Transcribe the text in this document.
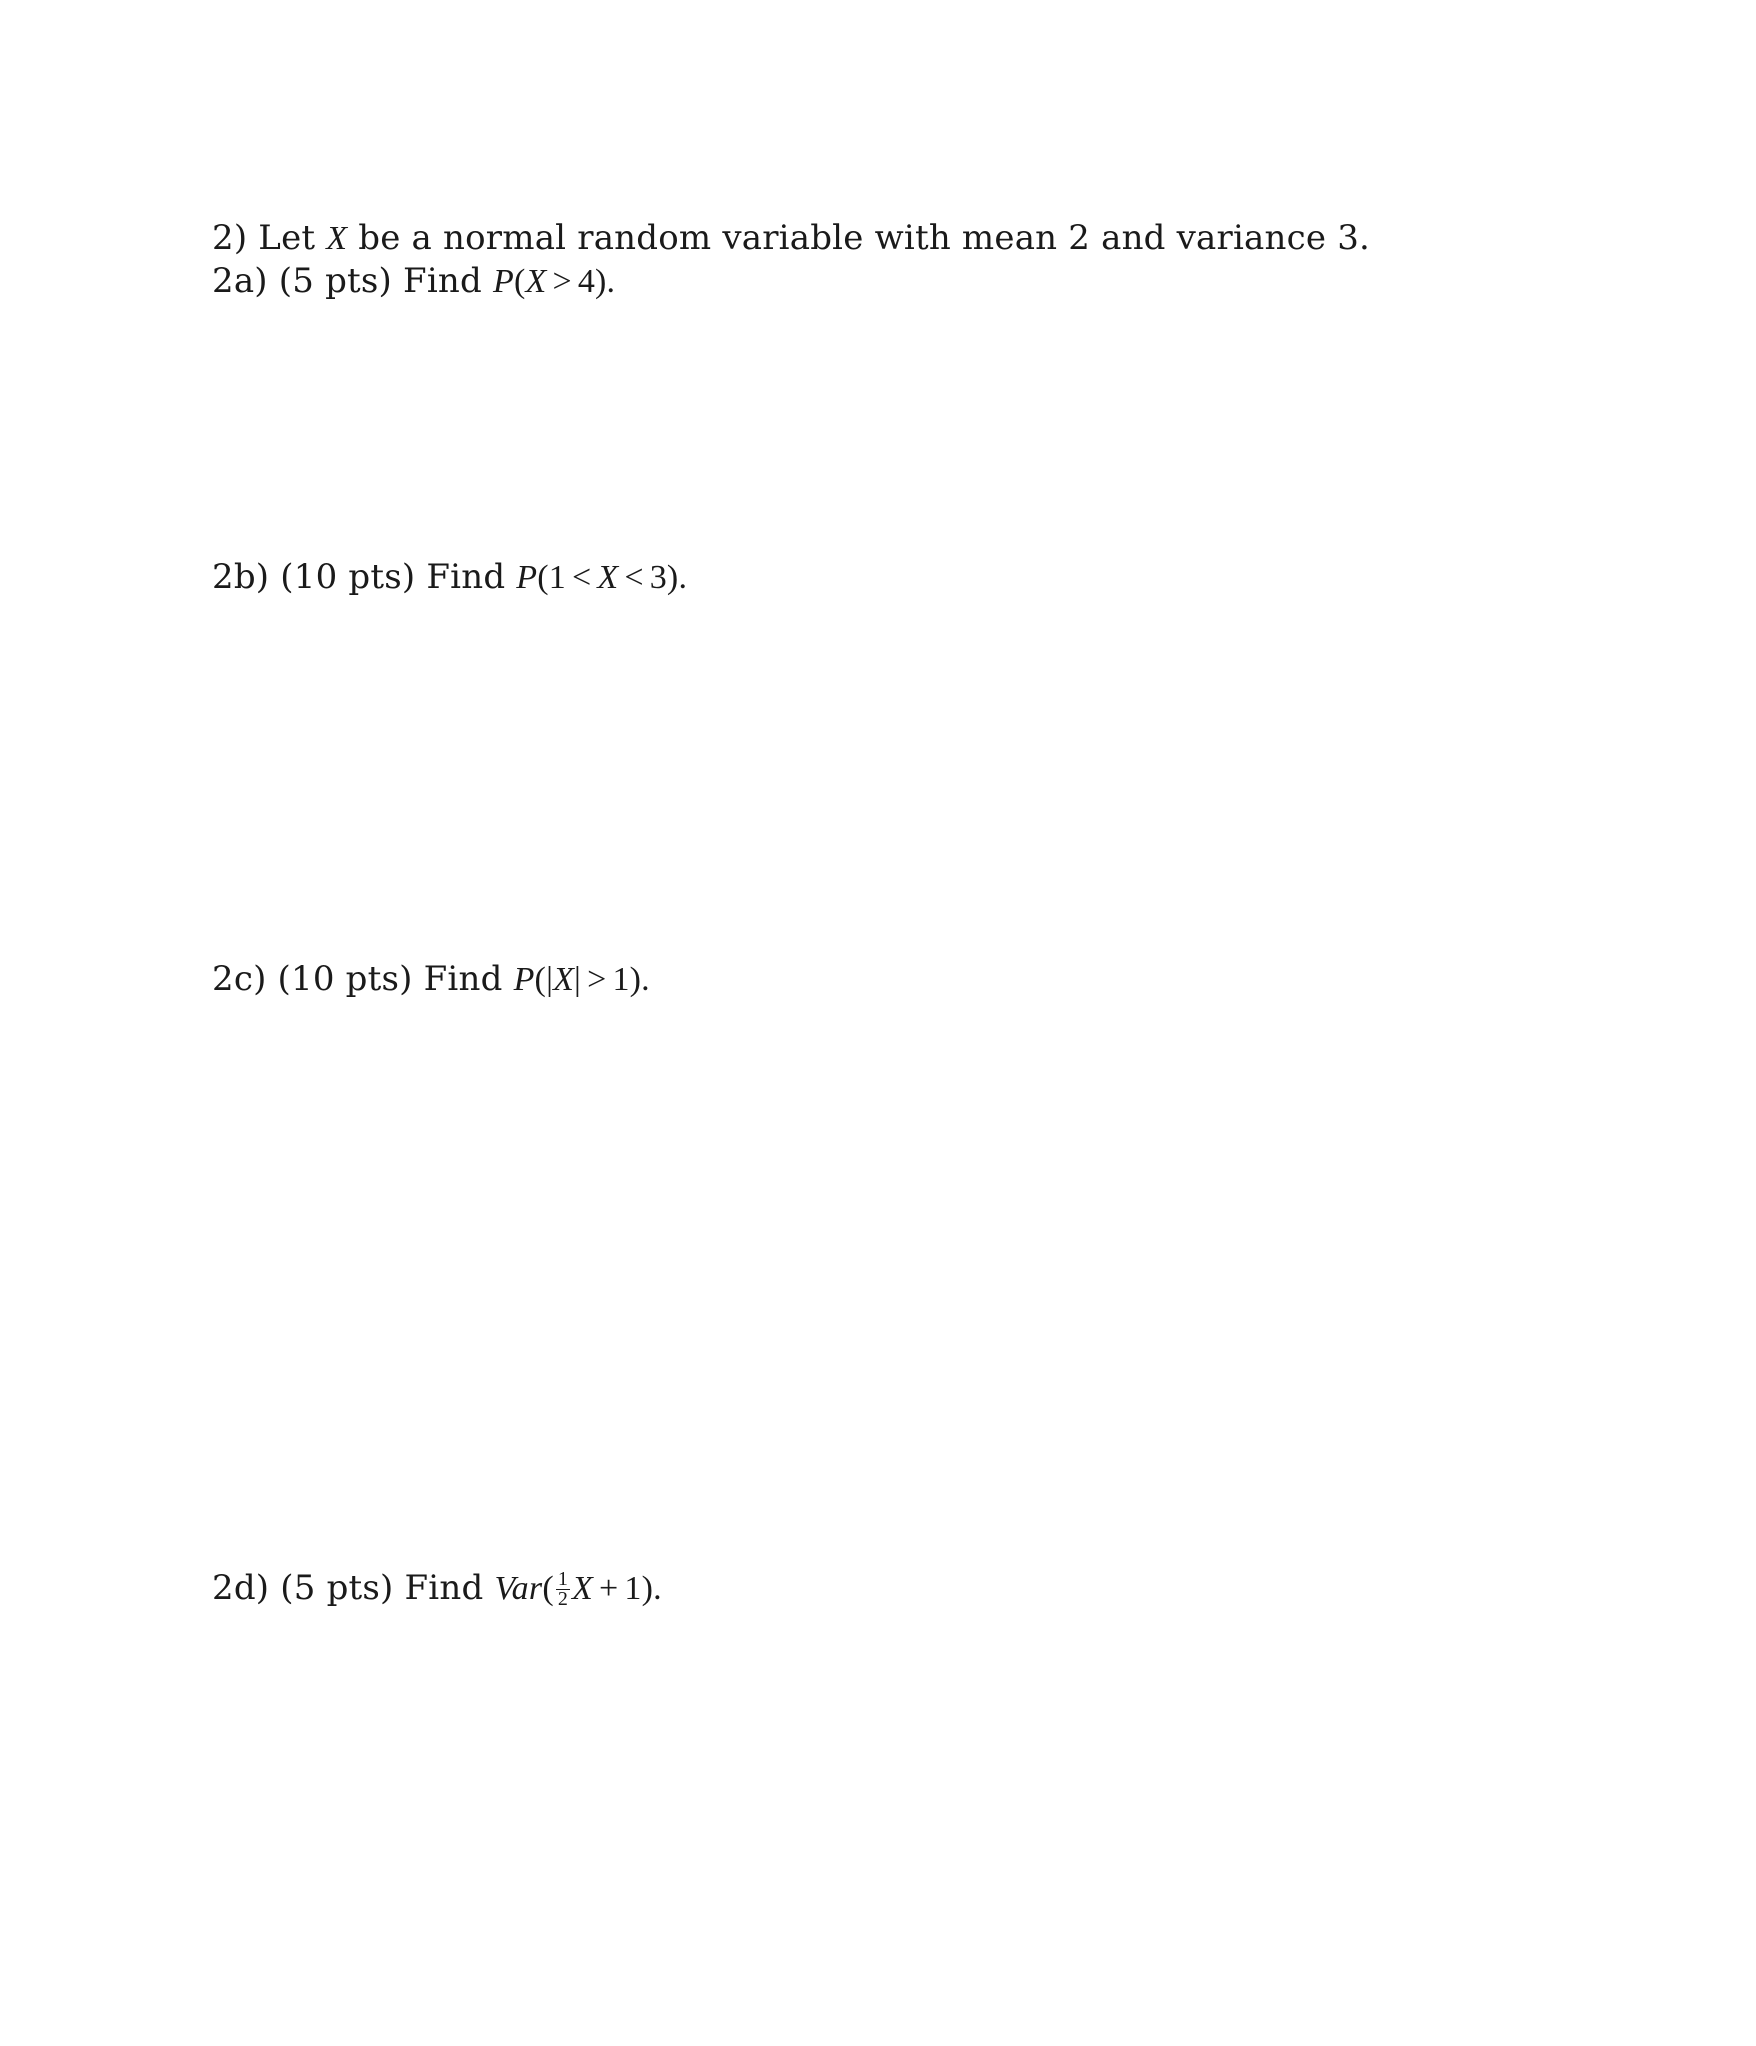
2) Let X be a normal random variable with mean 2 and variance 3.
2a) (5 pts) Find P(X > 4).
2b) (10 pts) Find P(1 < X < 3).
2c) (10 pts) Find P(|X| > 1).
2d) (5 pts) Find $Var( \frac{1}{2}$ X + 1).
